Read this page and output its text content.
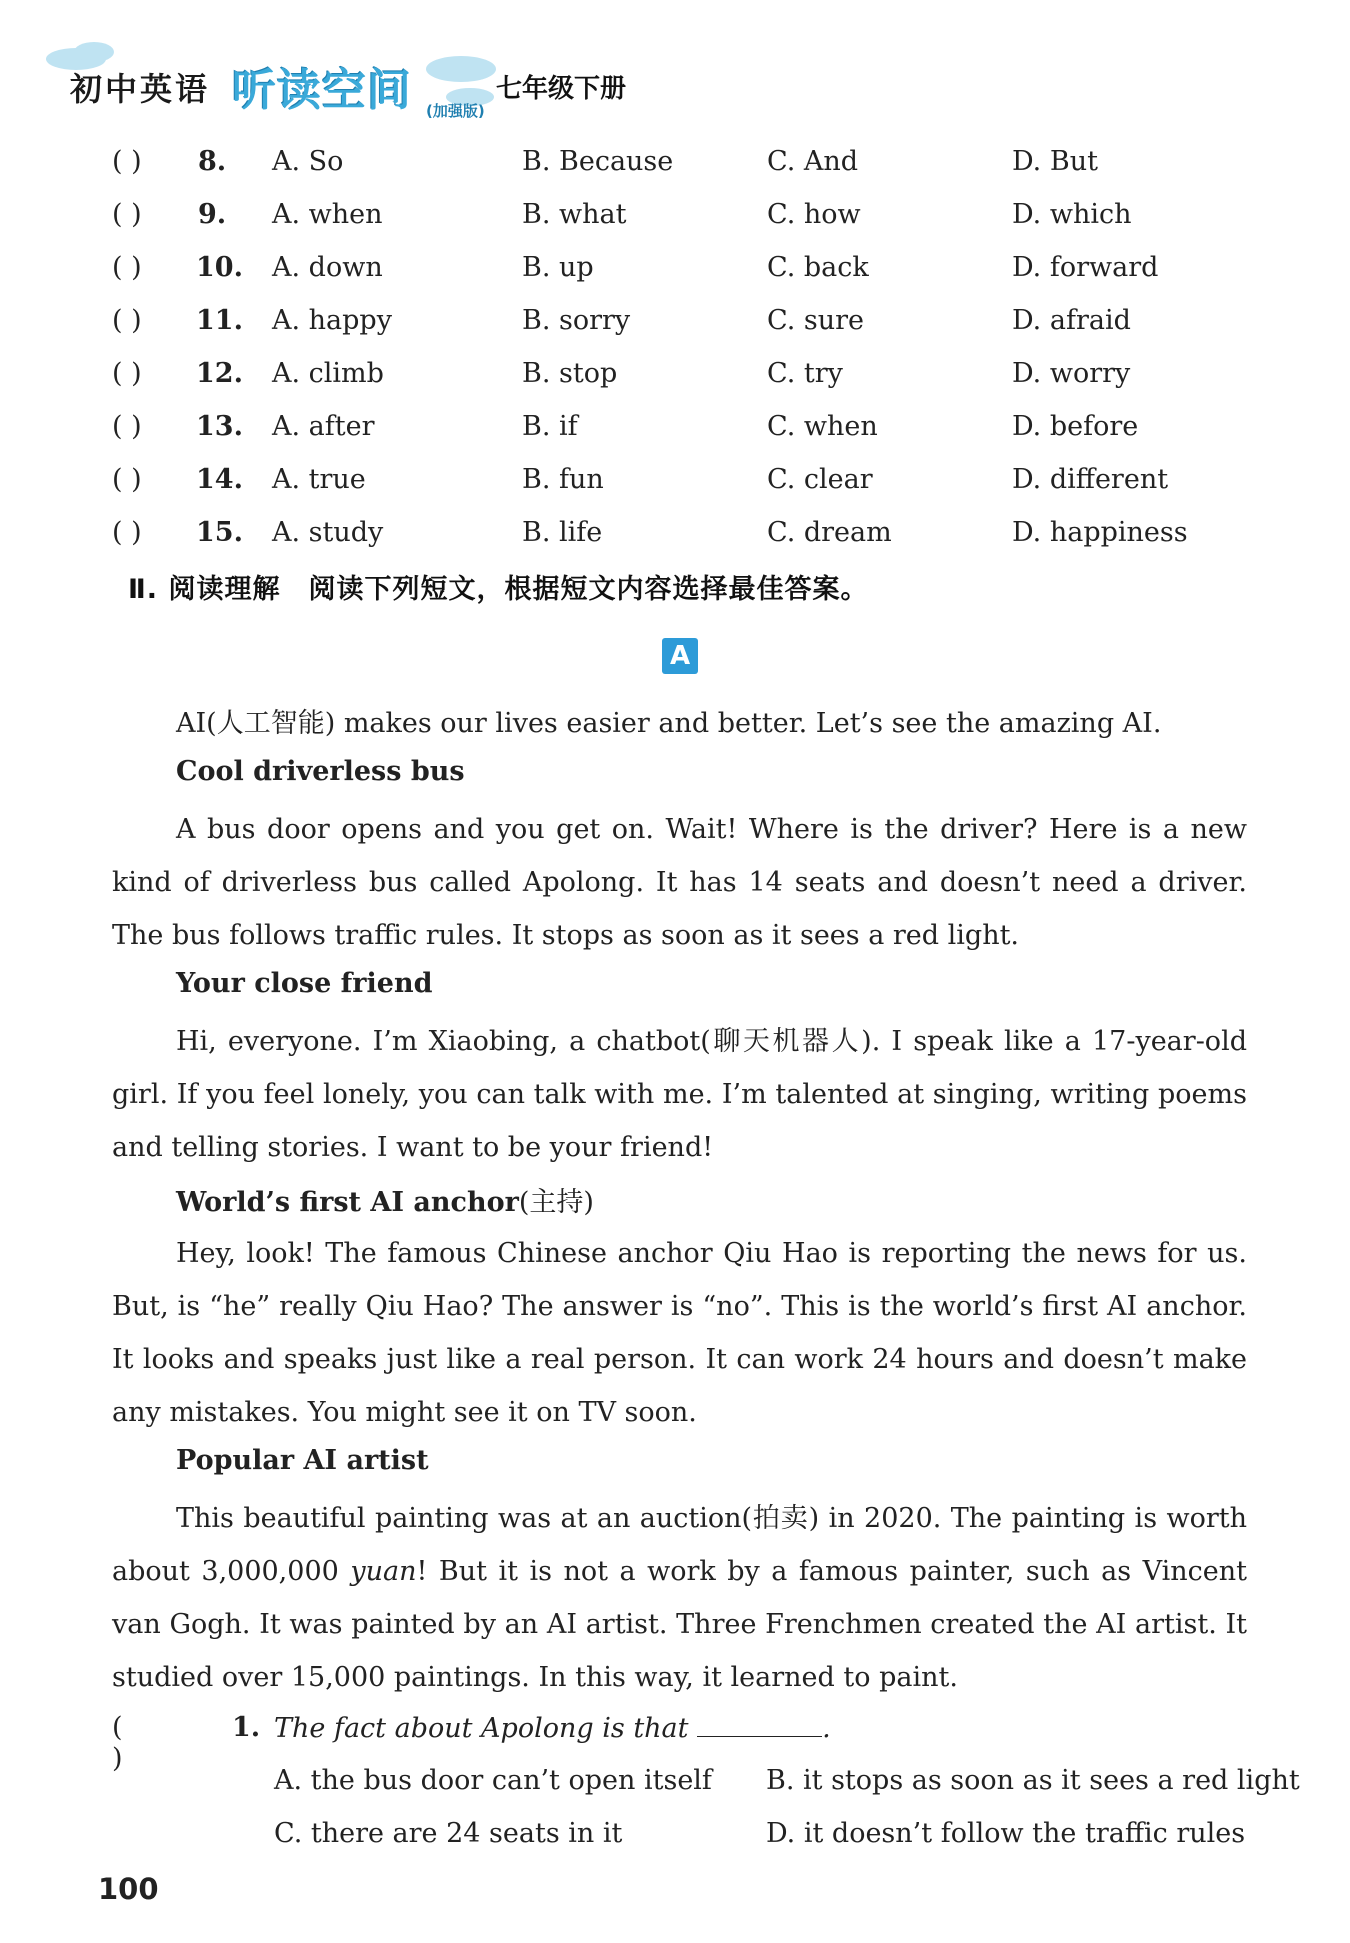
初中英语 听读空间 (加强版)
七年级下册
( ) 8. A. So	B. Because	C. And	D. But
( ) 9. A. when	B. what	C. how	D. which
( ) 10. A. down	B. up	C. back	D. forward
( ) 11. A. happy	B. sorry	C. sure	D. afraid
( ) 12. A. climb	B. stop	C. try	D. worry
( ) 13. A. after	B. if	C. when	D. before
( ) 14. A. true	B. fun	C. clear	D. different
( ) 15. A. study	B. life	C. dream	D. happiness
Ⅱ. 阅读理解　阅读下列短文，根据短文内容选择最佳答案。
A
AI(人工智能) makes our lives easier and better. Let’s see the amazing AI.
Cool driverless bus
A bus door opens and you get on. Wait! Where is the driver? Here is a new kind of driverless bus called Apolong. It has 14 seats and doesn’t need a driver. The bus follows traffic rules. It stops as soon as it sees a red light.
Your close friend
Hi, everyone. I’m Xiaobing, a chatbot(聊天机器人). I speak like a 17-year-old girl. If you feel lonely, you can talk with me. I’m talented at singing, writing poems and telling stories. I want to be your friend!
World’s first AI anchor(主持)
Hey, look! The famous Chinese anchor Qiu Hao is reporting the news for us. But, is “he” really Qiu Hao? The answer is “no”. This is the world’s first AI anchor. It looks and speaks just like a real person. It can work 24 hours and doesn’t make any mistakes. You might see it on TV soon.
Popular AI artist
This beautiful painting was at an auction(拍卖) in 2020. The painting is worth about 3,000,000 yuan! But it is not a work by a famous painter, such as Vincent van Gogh. It was painted by an AI artist. Three Frenchmen created the AI artist. It studied over 15,000 paintings. In this way, it learned to paint.
( )
1. The fact about Apolong is that	.
A. the bus door can’t open itself B. it stops as soon as it sees a red light
C. there are 24 seats in it	D. it doesn’t follow the traffic rules
100
